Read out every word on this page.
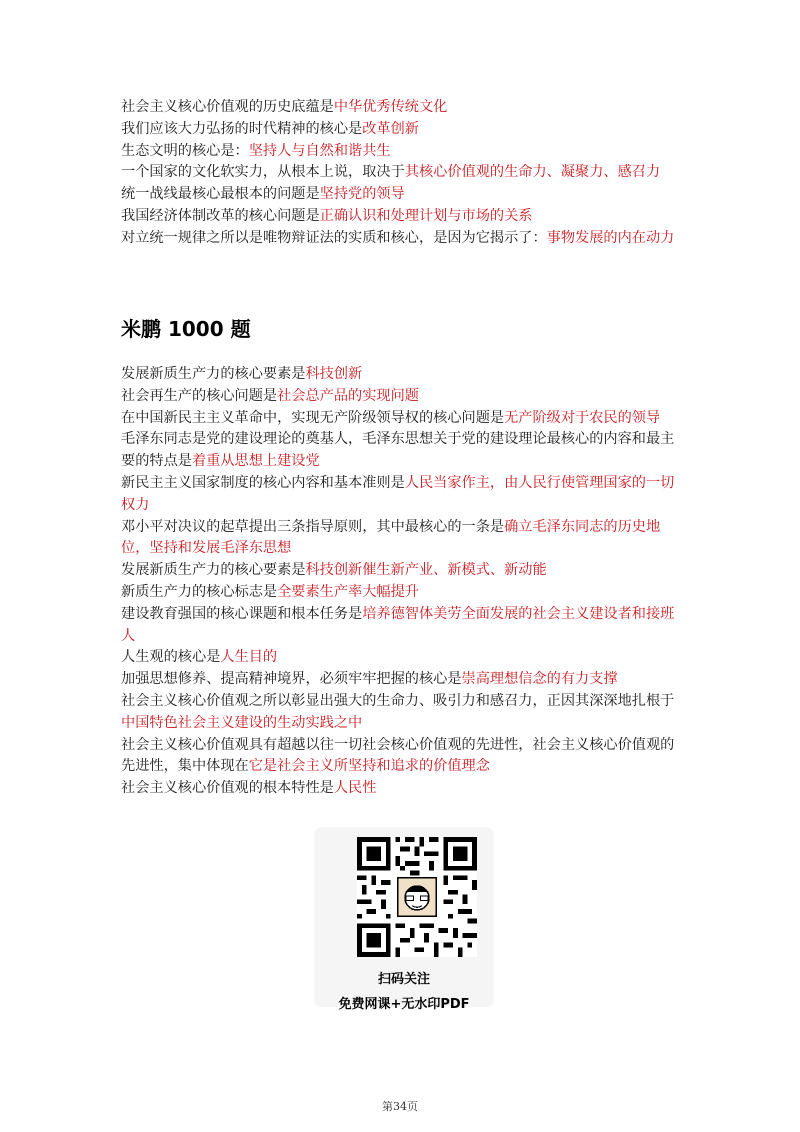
社会主义核心价值观的历史底蕴是中华优秀传统文化

我们应该大力弘扬的时代精神的核心是改革创新

生态文明的核心是：坚持人与自然和谐共生

一个国家的文化软实力，从根本上说，取决于其核心价值观的生命力、凝聚力、感召力

统一战线最核心最根本的问题是坚持党的领导

我国经济体制改革的核心问题是正确认识和处理计划与市场的关系

对立统一规律之所以是唯物辩证法的实质和核心，是因为它揭示了：事物发展的内在动力

米鹏 1000 题

发展新质生产力的核心要素是科技创新

社会再生产的核心问题是社会总产品的实现问题

在中国新民主主义革命中，实现无产阶级领导权的核心问题是无产阶级对于农民的领导

毛泽东同志是党的建设理论的奠基人，毛泽东思想关于党的建设理论最核心的内容和最主要的特点是着重从思想上建设党

新民主主义国家制度的核心内容和基本准则是人民当家作主，由人民行使管理国家的一切权力

邓小平对决议的起草提出三条指导原则，其中最核心的一条是确立毛泽东同志的历史地位，坚持和发展毛泽东思想

发展新质生产力的核心要素是科技创新催生新产业、新模式、新动能

新质生产力的核心标志是全要素生产率大幅提升

建设教育强国的核心课题和根本任务是培养德智体美劳全面发展的社会主义建设者和接班人

人生观的核心是人生目的

加强思想修养、提高精神境界，必须牢牢把握的核心是崇高理想信念的有力支撑

社会主义核心价值观之所以彰显出强大的生命力、吸引力和感召力，正因其深深地扎根于中国特色社会主义建设的生动实践之中

社会主义核心价值观具有超越以往一切社会核心价值观的先进性，社会主义核心价值观的先进性，集中体现在它是社会主义所坚持和追求的价值理念

社会主义核心价值观的根本特性是人民性

扫码关注

免费网课+无水印PDF

第34页
